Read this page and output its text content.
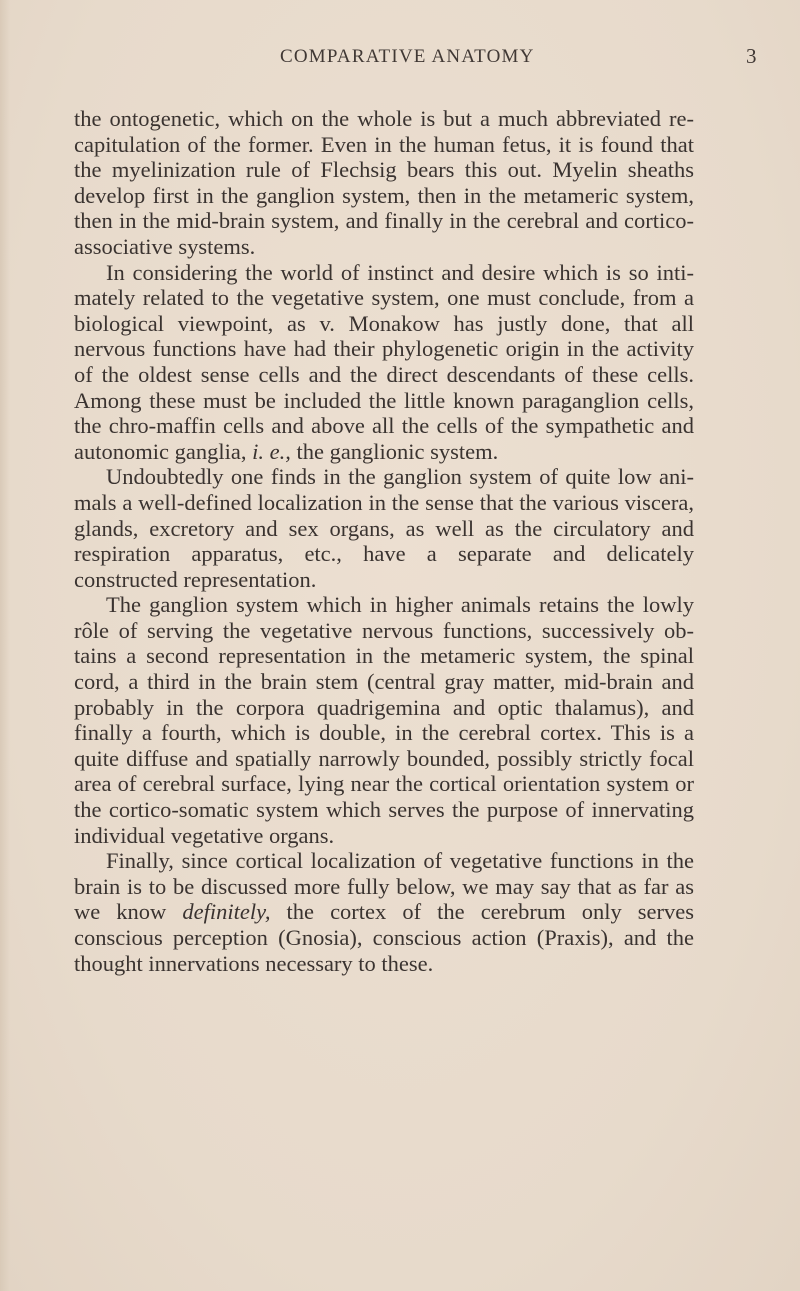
COMPARATIVE ANATOMY	3

the ontogenetic, which on the whole is but a much abbreviated re-capitulation of the former. Even in the human fetus, it is found that the myelinization rule of Flechsig bears this out. Myelin sheaths develop first in the ganglion system, then in the metameric system, then in the mid-brain system, and finally in the cerebral and cortico-associative systems.

In considering the world of instinct and desire which is so inti-mately related to the vegetative system, one must conclude, from a biological viewpoint, as v. Monakow has justly done, that all nervous functions have had their phylogenetic origin in the activity of the oldest sense cells and the direct descendants of these cells. Among these must be included the little known paraganglion cells, the chro-maffin cells and above all the cells of the sympathetic and autonomic ganglia, i. e., the ganglionic system.

Undoubtedly one finds in the ganglion system of quite low ani-mals a well-defined localization in the sense that the various viscera, glands, excretory and sex organs, as well as the circulatory and respiration apparatus, etc., have a separate and delicately constructed representation.

The ganglion system which in higher animals retains the lowly rôle of serving the vegetative nervous functions, successively ob-tains a second representation in the metameric system, the spinal cord, a third in the brain stem (central gray matter, mid-brain and probably in the corpora quadrigemina and optic thalamus), and finally a fourth, which is double, in the cerebral cortex. This is a quite diffuse and spatially narrowly bounded, possibly strictly focal area of cerebral surface, lying near the cortical orientation system or the cortico-somatic system which serves the purpose of innervating individual vegetative organs.

Finally, since cortical localization of vegetative functions in the brain is to be discussed more fully below, we may say that as far as we know definitely, the cortex of the cerebrum only serves conscious perception (Gnosia), conscious action (Praxis), and the thought innervations necessary to these.
